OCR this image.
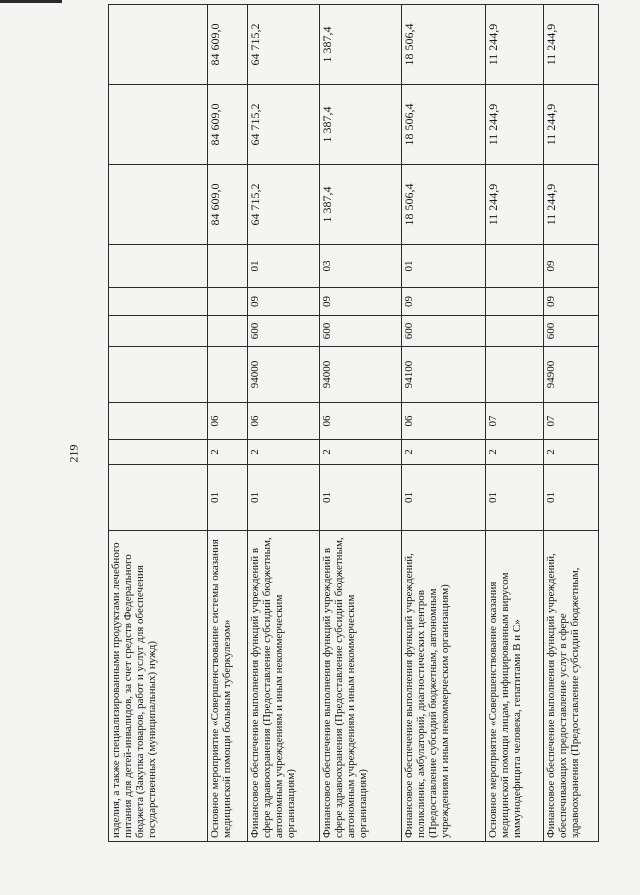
219
изделия, а также специализированными продуктами лечебного питания для детей-инвалидов, за счет средств Федерального бюджета (Закупка товаров, работ и услуг для обеспечения государственных (муниципальных) нужд)										
Основное мероприятие «Совершенствование системы оказания медицинской помощи больным туберкулезом»	01	2	06					84 609,0	84 609,0	84 609,0
Финансовое обеспечение выполнения функций учреждений в сфере здравоохранения (Предоставление субсидий бюджетным, автономным учреждениям и иным некоммерческим организациям)	01	2	06	94000	600	09	01	64 715,2	64 715,2	64 715,2
Финансовое обеспечение выполнения функций учреждений в сфере здравоохранения (Предоставление субсидий бюджетным, автономным учреждениям и иным некоммерческим организациям)	01	2	06	94000	600	09	03	1 387,4	1 387,4	1 387,4
Финансовое обеспечение выполнения функций учреждений, поликлиник, амбулаторий, диагностических центров (Предоставление субсидий бюджетным, автономным учреждениям и иным некоммерческим организациям)	01	2	06	94100	600	09	01	18 506,4	18 506,4	18 506,4
Основное мероприятие «Совершенствование оказания медицинской помощи лицам, инфицированным вирусом иммунодефицита человека, гепатитами В и С»	01	2	07					11 244,9	11 244,9	11 244,9
Финансовое обеспечение выполнения функций учреждений, обеспечивающих предоставление услуг в сфере здравоохранения (Предоставление субсидий бюджетным,	01	2	07	94900	600	09	09	11 244,9	11 244,9	11 244,9
